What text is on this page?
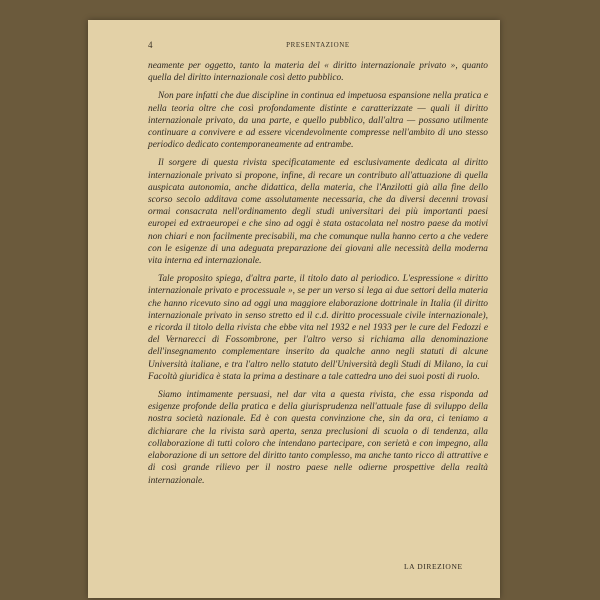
4	PRESENTAZIONE

neamente per oggetto, tanto la materia del « diritto internazionale privato », quanto quella del diritto internazionale così detto pubblico.

Non pare infatti che due discipline in continua ed impetuosa espansione nella pratica e nella teoria oltre che così profondamente distinte e caratterizzate — quali il diritto internazionale privato, da una parte, e quello pubblico, dall'altra — possano utilmente continuare a convivere e ad essere vicendevolmente compresse nell'ambito di uno stesso periodico dedicato contemporaneamente ad entrambe.

Il sorgere di questa rivista specificatamente ed esclusivamente dedicata al diritto internazionale privato si propone, infine, di recare un contributo all'attuazione di quella auspicata autonomia, anche didattica, della materia, che l'Anzilotti già alla fine dello scorso secolo additava come assolutamente necessaria, che da diversi decenni trovasi ormai consacrata nell'ordinamento degli studi universitari dei più importanti paesi europei ed extraeuropei e che sino ad oggi è stata ostacolata nel nostro paese da motivi non chiari e non facilmente precisabili, ma che comunque nulla hanno certo a che vedere con le esigenze di una adeguata preparazione dei giovani alle necessità della moderna vita interna ed internazionale.

Tale proposito spiega, d'altra parte, il titolo dato al periodico. L'espressione « diritto internazionale privato e processuale », se per un verso si lega ai due settori della materia che hanno ricevuto sino ad oggi una maggiore elaborazione dottrinale in Italia (il diritto internazionale privato in senso stretto ed il c.d. diritto processuale civile internazionale), e ricorda il titolo della rivista che ebbe vita nel 1932 e nel 1933 per le cure del Fedozzi e del Vernarecci di Fossombrone, per l'altro verso si richiama alla denominazione dell'insegnamento complementare inserito da qualche anno negli statuti di alcune Università italiane, e tra l'altro nello statuto dell'Università degli Studi di Milano, la cui Facoltà giuridica è stata la prima a destinare a tale cattedra uno dei suoi posti di ruolo.

Siamo intimamente persuasi, nel dar vita a questa rivista, che essa risponda ad esigenze profonde della pratica e della giurisprudenza nell'attuale fase di sviluppo della nostra società nazionale. Ed è con questa convinzione che, sin da ora, ci teniamo a dichiarare che la rivista sarà aperta, senza preclusioni di scuola o di tendenza, alla collaborazione di tutti coloro che intendano partecipare, con serietà e con impegno, alla elaborazione di un settore del diritto tanto complesso, ma anche tanto ricco di attrattive e di così grande rilievo per il nostro paese nelle odierne prospettive della realtà internazionale.

LA DIREZIONE
